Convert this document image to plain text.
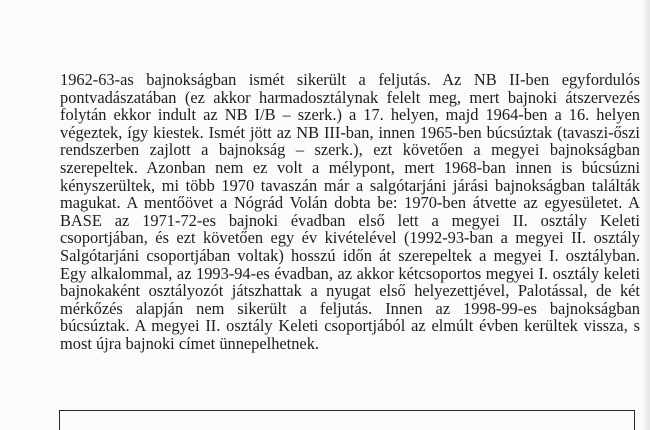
1962-63-as bajnokságban ismét sikerült a feljutás. Az NB II-ben egyfordulós
pontvadászatában (ez akkor harmadosztálynak felelt meg, mert bajnoki átszervezés
folytán ekkor indult az NB I/B – szerk.) a 17. helyen, majd 1964-ben a 16. helyen
végeztek, így kiestek. Ismét jött az NB III-ban, innen 1965-ben búcsúztak (tavaszi-őszi
rendszerben zajlott a bajnokság – szerk.), ezt követően a megyei bajnokságban
szerepeltek. Azonban nem ez volt a mélypont, mert 1968-ban innen is búcsúzni
kényszerültek, mi több 1970 tavaszán már a salgótarjáni járási bajnokságban találták
magukat. A mentőövet a Nógrád Volán dobta be: 1970-ben átvette az egyesületet. A
BASE az 1971-72-es bajnoki évadban első lett a megyei II. osztály Keleti
csoportjában, és ezt követően egy év kivételével (1992-93-ban a megyei II. osztály
Salgótarjáni csoportjában voltak) hosszú időn át szerepeltek a megyei I. osztályban.
Egy alkalommal, az 1993-94-es évadban, az akkor kétcsoportos megyei I. osztály keleti
bajnokaként osztályozót játszhattak a nyugat első helyezettjével, Palotással, de két
mérkőzés alapján nem sikerült a feljutás. Innen az 1998-99-es bajnokságban
búcsúztak. A megyei II. osztály Keleti csoportjából az elmúlt évben kerültek vissza, s
most újra bajnoki címet ünnepelhetnek.
